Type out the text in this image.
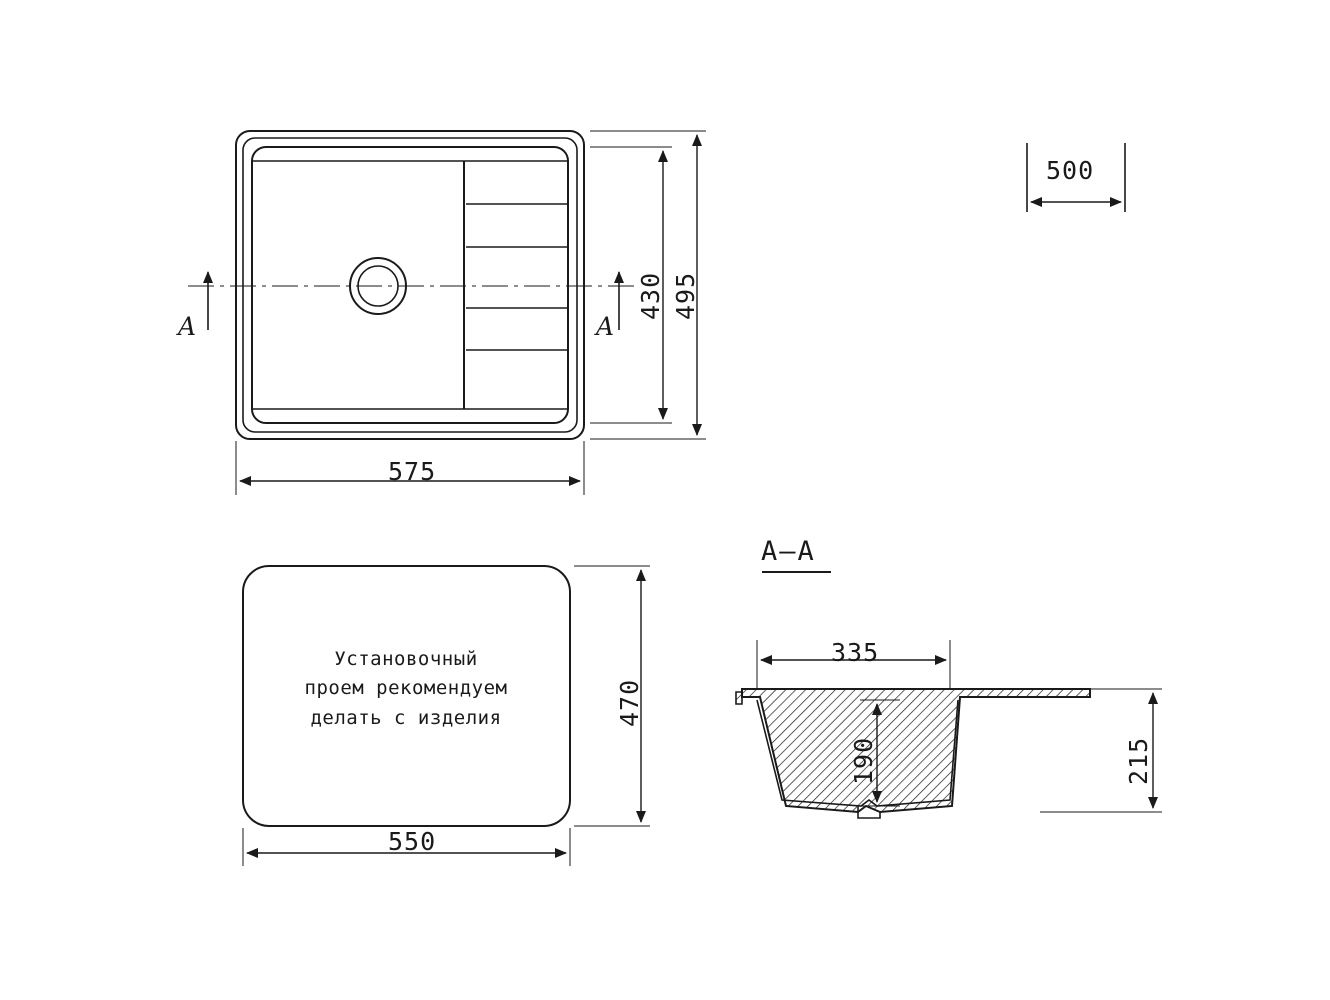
575
430 495
500
550
470
335
190	215
A	A
A–A
Установочный
проем рекомендуем
делать с изделия
